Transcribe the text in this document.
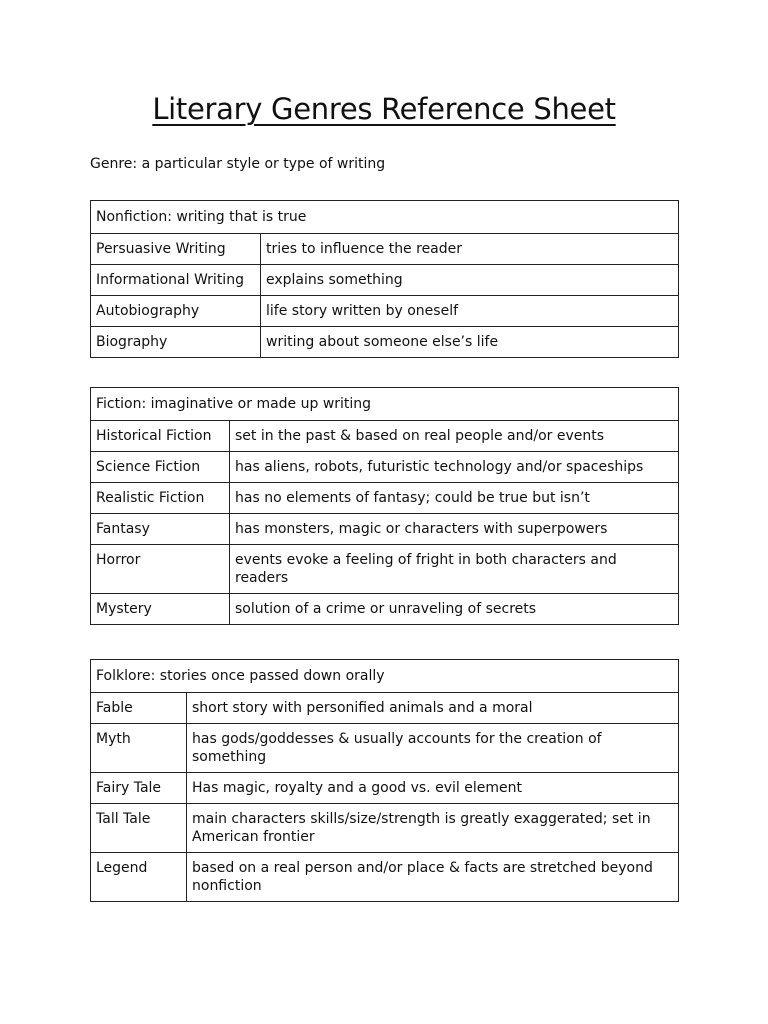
Literary Genres Reference Sheet
Genre: a particular style or type of writing
Nonfiction: writing that is true	
Persuasive Writing	tries to influence the reader
Informational Writing	explains something
Autobiography	life story written by oneself
Biography	writing about someone else’s life
Fiction: imaginative or made up writing	
Historical Fiction	set in the past & based on real people and/or events
Science Fiction	has aliens, robots, futuristic technology and/or spaceships
Realistic Fiction	has no elements of fantasy; could be true but isn’t
Fantasy	has monsters, magic or characters with superpowers
Horror	events evoke a feeling of fright in both characters and readers
Mystery	solution of a crime or unraveling of secrets
Folklore: stories once passed down orally	
Fable	short story with personified animals and a moral
Myth	has gods/goddesses & usually accounts for the creation of something
Fairy Tale	Has magic, royalty and a good vs. evil element
Tall Tale	main characters skills/size/strength is greatly exaggerated; set in American frontier
Legend	based on a real person and/or place & facts are stretched beyond nonfiction
